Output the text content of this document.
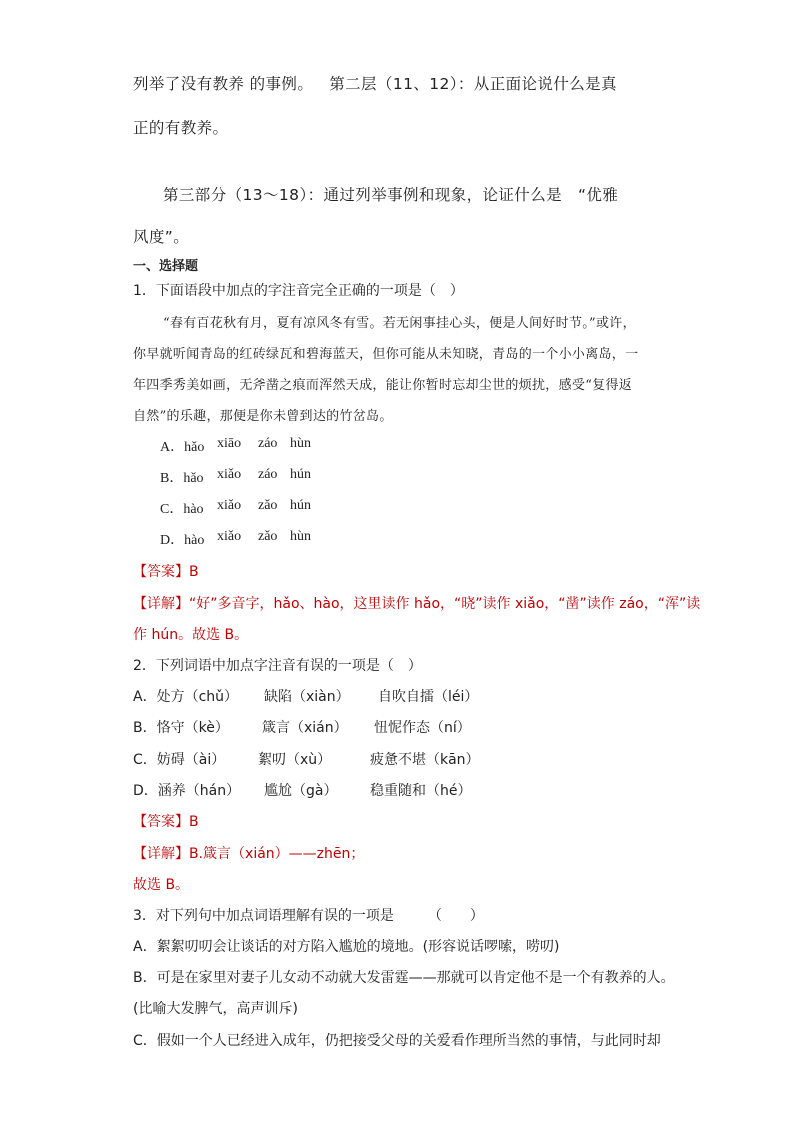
列举了没有教养 的事例。 第二层（11、12）：从正面论说什么是真
正的有教养。
第三部分（13～18）：通过列举事例和现象，论证什么是 “优雅
风度”。
一、选择题
1．下面语段中加点的字注音完全正确的一项是（　）
“春有百花秋有月，夏有凉风冬有雪。若无闲事挂心头，便是人间好时节。”或许，
你早就听闻青岛的红砖绿瓦和碧海蓝天，但你可能从未知晓，青岛的一个小小离岛，一
年四季秀美如画，无斧凿之痕而浑然天成，能让你暂时忘却尘世的烦扰，感受“复得返
自然”的乐趣，那便是你未曾到达的竹岔岛。
A．hǎo xiāo záo hùn
B．hǎo xiǎo záo hún
C．hào xiǎo zǎo hún
D．hào xiǎo zǎo hùn
【答案】B
【详解】“好”多音字，hǎo、hào，这里读作 hǎo，“晓”读作 xiǎo，“凿”读作 záo，“浑”读
作 hún。故选 B。
2．下列词语中加点字注音有误的一项是（　）
A．处方（chǔ） 缺陷（xiàn） 自吹自擂（léi）
B．恪守（kè） 箴言（xián） 忸怩作态（ní）
C．妨碍（ài） 絮叨（xù）	疲惫不堪（kān）
D．涵养（hán） 尴尬（gà） 稳重随和（hé）
【答案】B
【详解】B.箴言（xián）——zhēn；
故选 B。
3．对下列句中加点词语理解有误的一项是 （　　）
A．絮絮叨叨会让谈话的对方陷入尴尬的境地。(形容说话啰嗦，唠叨)
B．可是在家里对妻子儿女动不动就大发雷霆——那就可以肯定他不是一个有教养的人。
(比喻大发脾气，高声训斥)
C．假如一个人已经进入成年，仍把接受父母的关爱看作理所当然的事情，与此同时却
